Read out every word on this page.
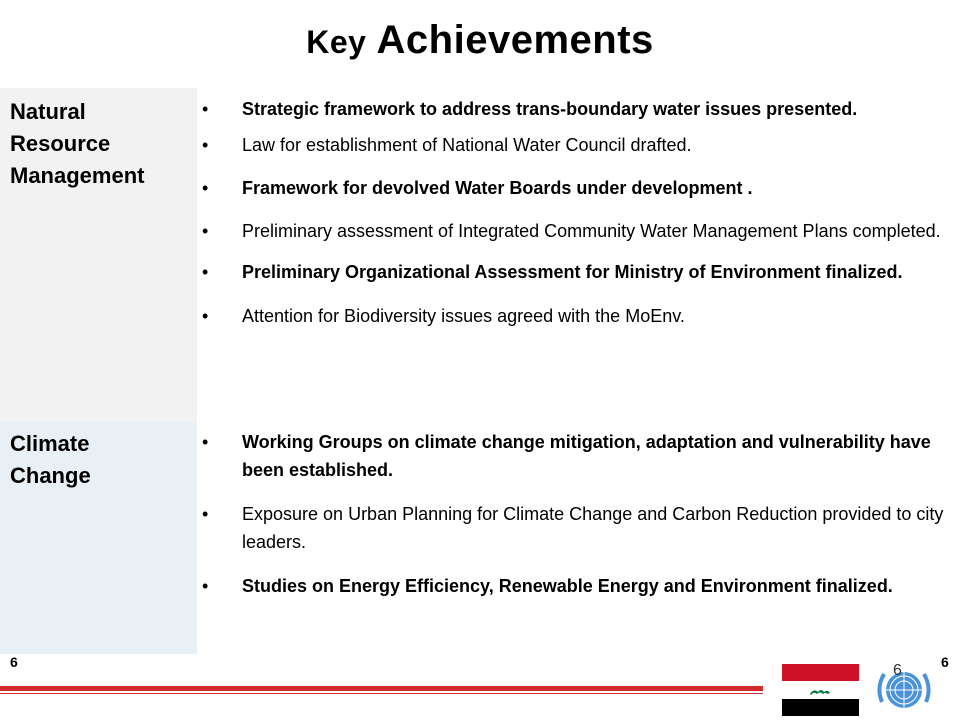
Key Achievements
Natural
Resource
Management
• Strategic framework to address trans-boundary water issues presented.
• Law for establishment of National Water Council drafted.
• Framework for devolved Water Boards under development .
• Preliminary assessment of Integrated Community Water Management Plans completed.
• Preliminary Organizational Assessment for Ministry of Environment finalized.
• Attention for Biodiversity issues agreed with the MoEnv.
Climate
Change
• Working Groups on climate change mitigation, adaptation and vulnerability have been established.
• Exposure on Urban Planning for Climate Change and Carbon Reduction provided to city leaders.
• Studies on Energy Efficiency, Renewable Energy and Environment finalized.
6	6
6
